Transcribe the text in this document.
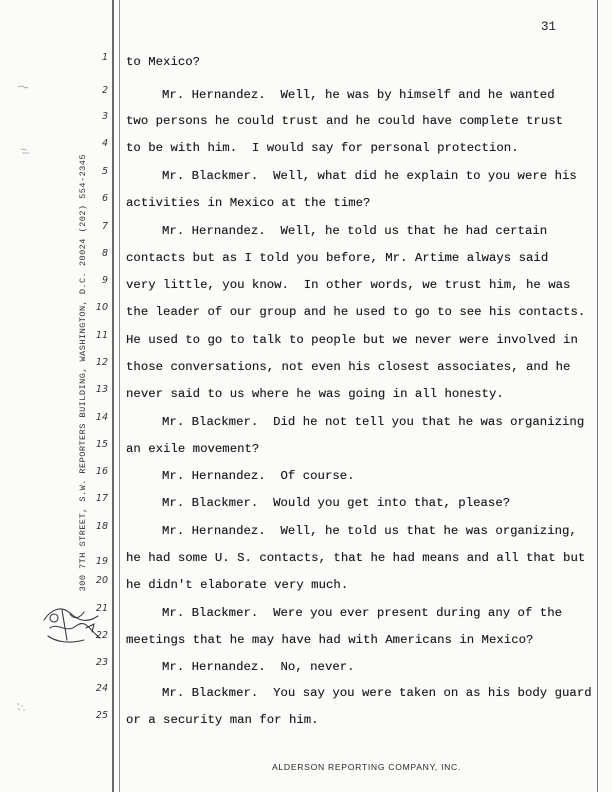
31
300 7TH STREET, S.W. REPORTERS BUILDING, WASHINGTON, D.C. 20024 (202) 554-2345
1 to Mexico?
2	Mr. Hernandez.  Well, he was by himself and he wanted
3 two persons he could trust and he could have complete trust
4 to be with him.  I would say for personal protection.
5	Mr. Blackmer.  Well, what did he explain to you were his
6 activities in Mexico at the time?
7	Mr. Hernandez.  Well, he told us that he had certain
8 contacts but as I told you before, Mr. Artime always said
9 very little, you know.  In other words, we trust him, he was
10 the leader of our group and he used to go to see his contacts.
11 He used to go to talk to people but we never were involved in
12 those conversations, not even his closest associates, and he
13 never said to us where he was going in all honesty.
14	Mr. Blackmer.  Did he not tell you that he was organizing
15 an exile movement?
16	Mr. Hernandez.  Of course.
17	Mr. Blackmer.  Would you get into that, please?
18	Mr. Hernandez.  Well, he told us that he was organizing,
19 he had some U. S. contacts, that he had means and all that but
20 he didn't elaborate very much.
21	Mr. Blackmer.  Were you ever present during any of the
22 meetings that he may have had with Americans in Mexico?
23	Mr. Hernandez.  No, never.
24	Mr. Blackmer.  You say you were taken on as his body guard
25 or a security man for him.
ALDERSON REPORTING COMPANY, INC.
